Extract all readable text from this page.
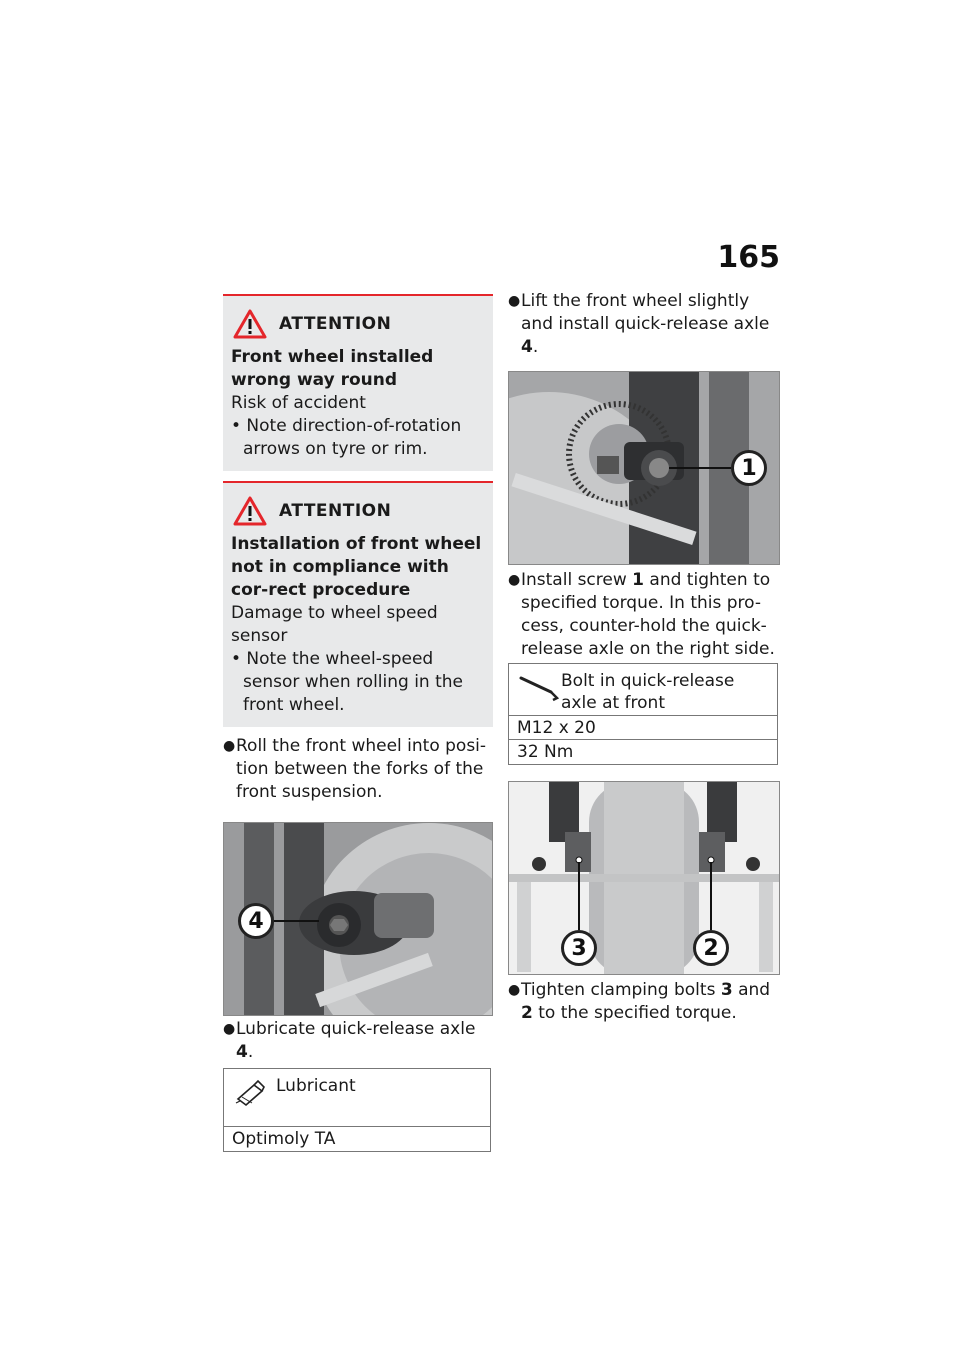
165
ATTENTION
Front wheel installed wrong way round
Risk of accident
• Note direction-of-rotation arrows on tyre or rim.
ATTENTION
Installation of front wheel not in compliance with cor-rect procedure
Damage to wheel speed sensor
• Note the wheel-speed sensor when rolling in the front wheel.
● Roll the front wheel into posi-tion between the forks of the front suspension.
4
● Lubricate quick-release axle 4.
Lubricant
Optimoly TA
● Lift the front wheel slightly and install quick-release axle 4.
1
● Install screw 1 and tighten to specified torque. In this pro-cess, counter-hold the quick-release axle on the right side.
Bolt in quick-release axle at front
M12 x 20
32 Nm
3	2
● Tighten clamping bolts 3 and 2 to the specified torque.
